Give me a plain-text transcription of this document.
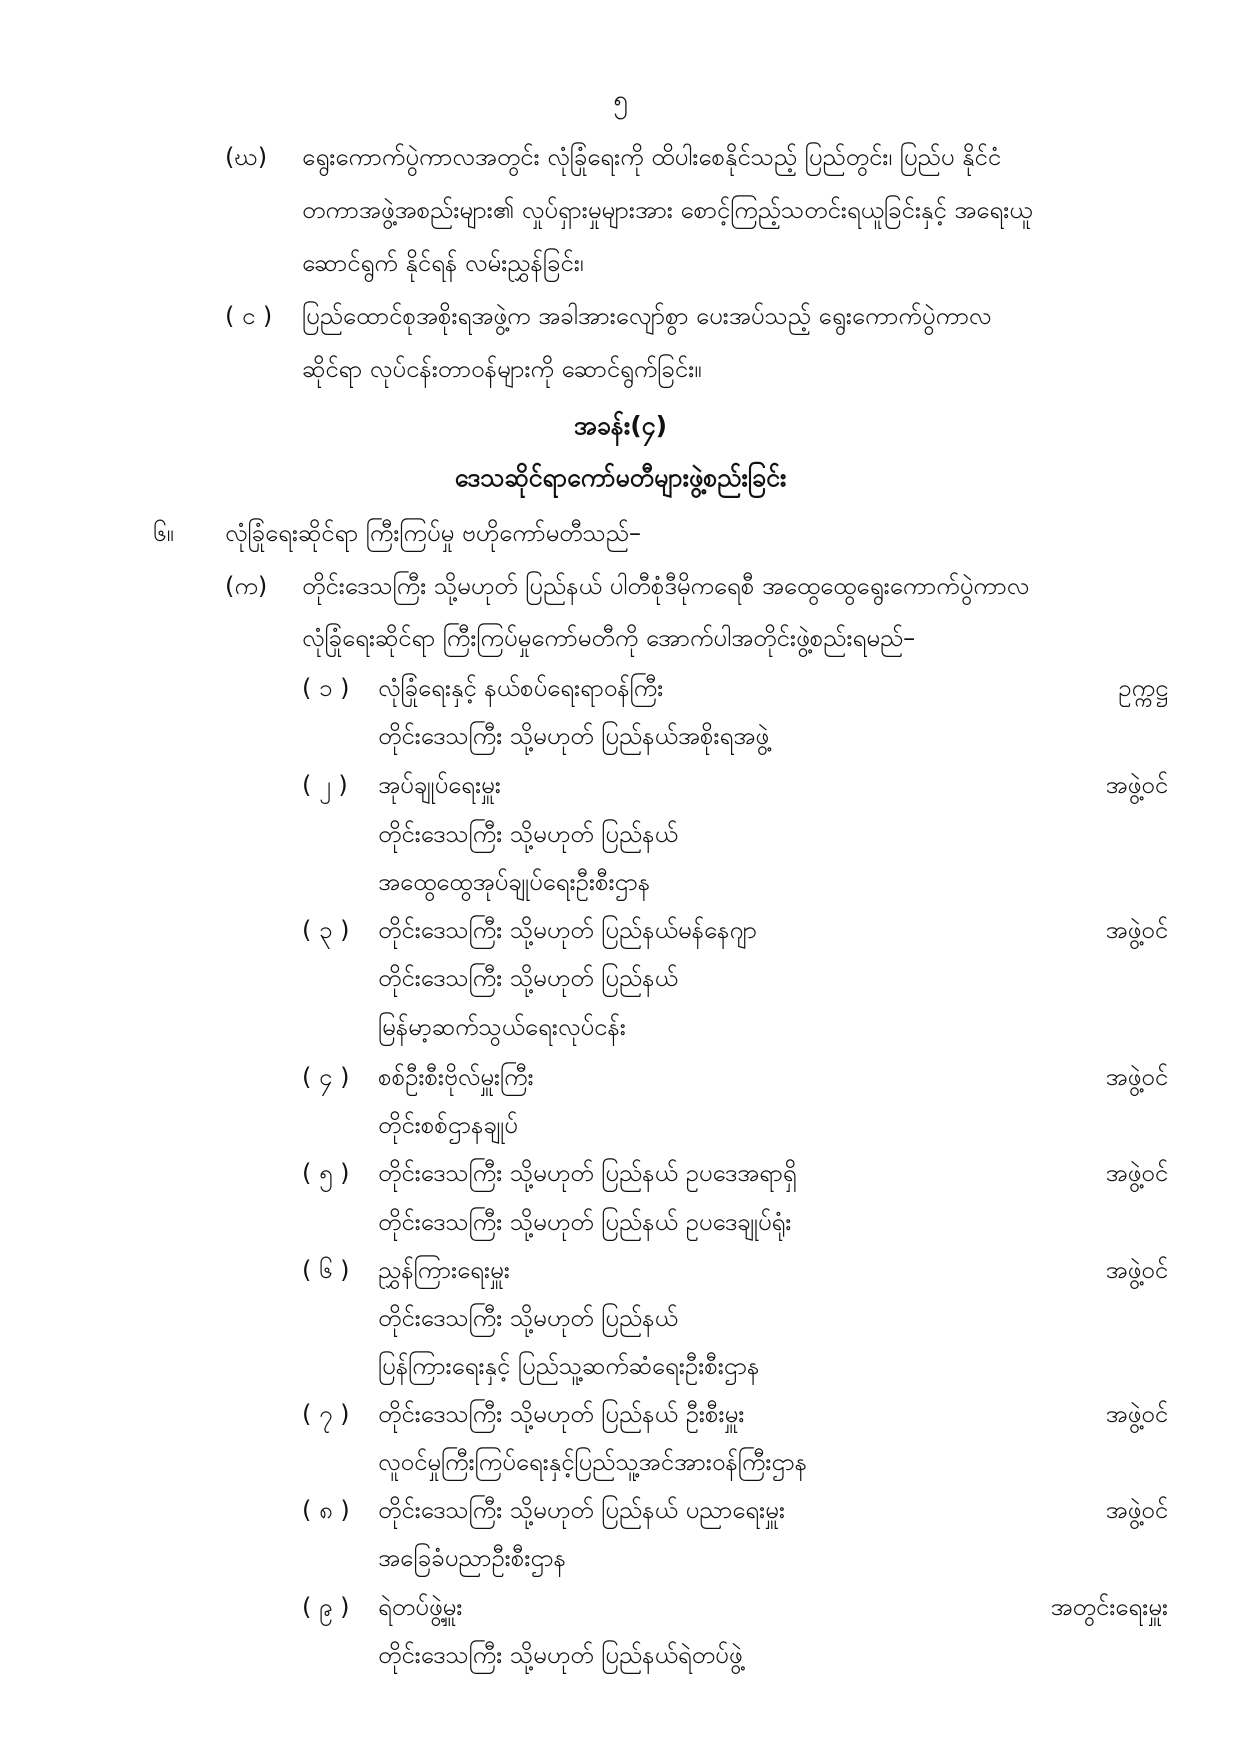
၅
(ဃ) ရွေးကောက်ပွဲကာလအတွင်း လုံခြုံရေးကို ထိပါးစေနိုင်သည့် ပြည်တွင်း၊ ပြည်ပ နိုင်ငံ
တကာအဖွဲ့အစည်းများ၏ လှုပ်ရှားမှုများအား စောင့်ကြည့်သတင်းရယူခြင်းနှင့် အရေးယူ
ဆောင်ရွက် နိုင်ရန် လမ်းညွှန်ခြင်း၊
( င ) ပြည်ထောင်စုအစိုးရအဖွဲ့က အခါအားလျော်စွာ ပေးအပ်သည့် ရွေးကောက်ပွဲကာလ
ဆိုင်ရာ လုပ်ငန်းတာဝန်များကို ဆောင်ရွက်ခြင်း။
အခန်း(၄)
ဒေသဆိုင်ရာကော်မတီများဖွဲ့စည်းခြင်း
၆။ လုံခြုံရေးဆိုင်ရာ ကြီးကြပ်မှု ဗဟိုကော်မတီသည်–
(က) တိုင်းဒေသကြီး သို့မဟုတ် ပြည်နယ် ပါတီစုံဒီမိုကရေစီ အထွေထွေရွေးကောက်ပွဲကာလ
လုံခြုံရေးဆိုင်ရာ ကြီးကြပ်မှုကော်မတီကို အောက်ပါအတိုင်းဖွဲ့စည်းရမည်–
( ၁ ) လုံခြုံရေးနှင့် နယ်စပ်ရေးရာဝန်ကြီး	ဥက္ကဋ္ဌ
တိုင်းဒေသကြီး သို့မဟုတ် ပြည်နယ်အစိုးရအဖွဲ့
( ၂ ) အုပ်ချုပ်ရေးမှူး	အဖွဲ့ဝင်
တိုင်းဒေသကြီး သို့မဟုတ် ပြည်နယ်
အထွေထွေအုပ်ချုပ်ရေးဦးစီးဌာန
( ၃ ) တိုင်းဒေသကြီး သို့မဟုတ် ပြည်နယ်မန်နေဂျာ	အဖွဲ့ဝင်
တိုင်းဒေသကြီး သို့မဟုတ် ပြည်နယ်
မြန်မာ့ဆက်သွယ်ရေးလုပ်ငန်း
( ၄ ) စစ်ဦးစီးဗိုလ်မှူးကြီး	အဖွဲ့ဝင်
တိုင်းစစ်ဌာနချုပ်
( ၅ ) တိုင်းဒေသကြီး သို့မဟုတ် ပြည်နယ် ဥပဒေအရာရှိ	အဖွဲ့ဝင်
တိုင်းဒေသကြီး သို့မဟုတ် ပြည်နယ် ဥပဒေချုပ်ရုံး
( ၆ ) ညွှန်ကြားရေးမှူး	အဖွဲ့ဝင်
တိုင်းဒေသကြီး သို့မဟုတ် ပြည်နယ်
ပြန်ကြားရေးနှင့် ပြည်သူ့ဆက်ဆံရေးဦးစီးဌာန
( ၇ ) တိုင်းဒေသကြီး သို့မဟုတ် ပြည်နယ် ဦးစီးမှူး	အဖွဲ့ဝင်
လူဝင်မှုကြီးကြပ်ရေးနှင့်ပြည်သူ့အင်အားဝန်ကြီးဌာန
( ၈ ) တိုင်းဒေသကြီး သို့မဟုတ် ပြည်နယ် ပညာရေးမှူး	အဖွဲ့ဝင်
အခြေခံပညာဦးစီးဌာန
( ၉ ) ရဲတပ်ဖွဲ့မှူး	အတွင်းရေးမှူး
တိုင်းဒေသကြီး သို့မဟုတ် ပြည်နယ်ရဲတပ်ဖွဲ့
